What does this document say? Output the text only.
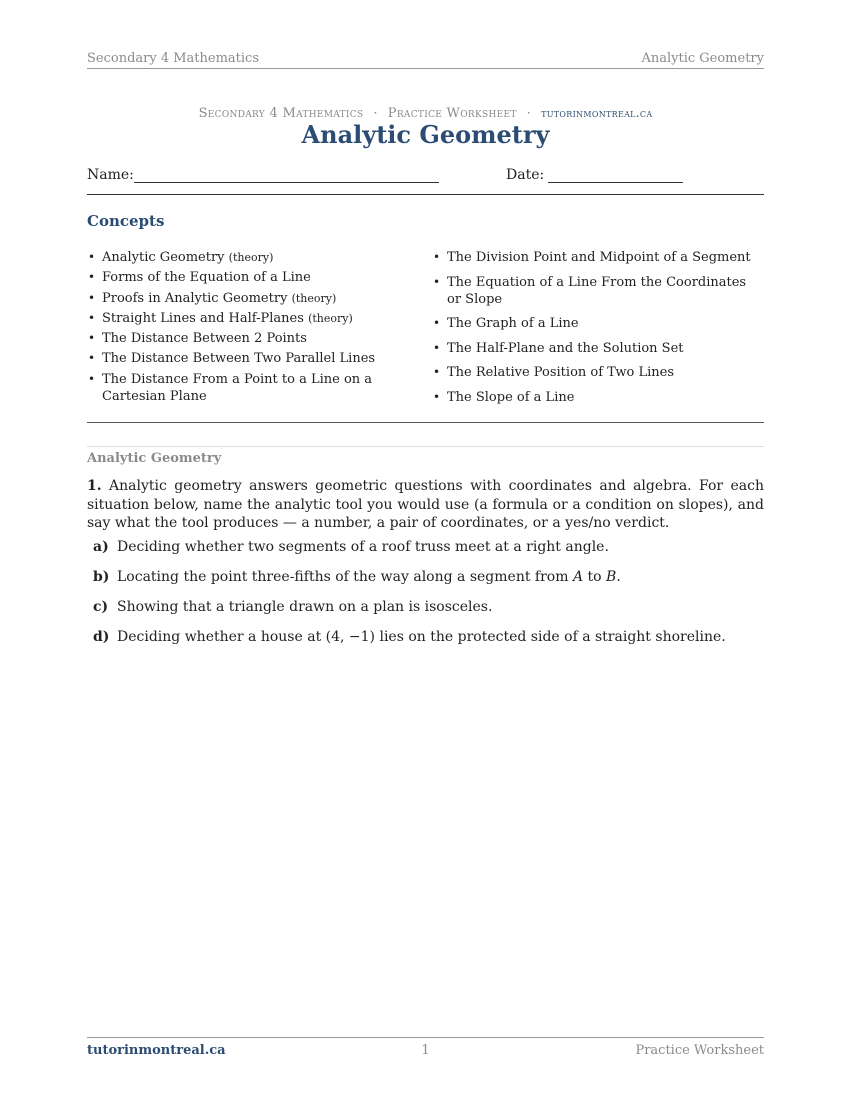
Secondary 4 Mathematics	Analytic Geometry
Secondary 4 Mathematics · Practice Worksheet · tutorinmontreal.ca
Analytic Geometry
Name:	Date:
Concepts
• Analytic Geometry (theory)
• Forms of the Equation of a Line
• Proofs in Analytic Geometry (theory)
• Straight Lines and Half-Planes (theory)
• The Distance Between 2 Points
• The Distance Between Two Parallel Lines
• The Distance From a Point to a Line on a Cartesian Plane
• The Division Point and Midpoint of a Segment
• The Equation of a Line From the Coordinates or Slope
• The Graph of a Line
• The Half-Plane and the Solution Set
• The Relative Position of Two Lines
• The Slope of a Line
Analytic Geometry

1. Analytic geometry answers geometric questions with coordinates and algebra. For each situation below, name the analytic tool you would use (a formula or a condition on slopes), and say what the tool produces — a number, a pair of coordinates, or a yes/no verdict.

a) Deciding whether two segments of a roof truss meet at a right angle.
b) Locating the point three-fifths of the way along a segment from A to B.
c) Showing that a triangle drawn on a plan is isosceles.
d) Deciding whether a house at (4, −1) lies on the protected side of a straight shoreline.
tutorinmontreal.ca	1	Practice Worksheet
